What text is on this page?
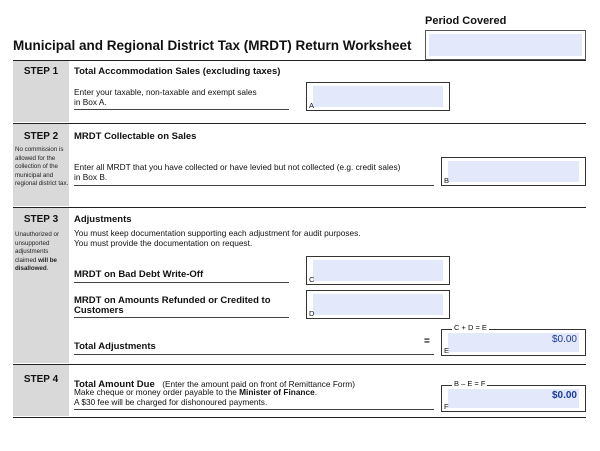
Period Covered
Municipal and Regional District Tax (MRDT) Return Worksheet
STEP 1	Total Accommodation Sales (excluding taxes)
Enter your taxable, non-taxable and exempt sales
in Box A.	A
STEP 2
No commission is allowed for the collection of the municipal and regional district tax.
MRDT Collectable on Sales
Enter all MRDT that you have collected or have levied but not collected (e.g. credit sales)
in Box B.	B
STEP 3
Unauthorized or unsupported adjustments claimed will be disallowed.
Adjustments
You must keep documentation supporting each adjustment for audit purposes.
You must provide the documentation on request.
MRDT on Bad Debt Write-Off	C
MRDT on Amounts Refunded or Credited to
Customers	D
Total Adjustments	=	$0.00
E
C + D = E
STEP 4	Total Amount Due (Enter the amount paid on front of Remittance Form)
Make cheque or money order payable to the Minister of Finance.
A $30 fee will be charged for dishonoured payments.
$0.00
F
B – E = F
